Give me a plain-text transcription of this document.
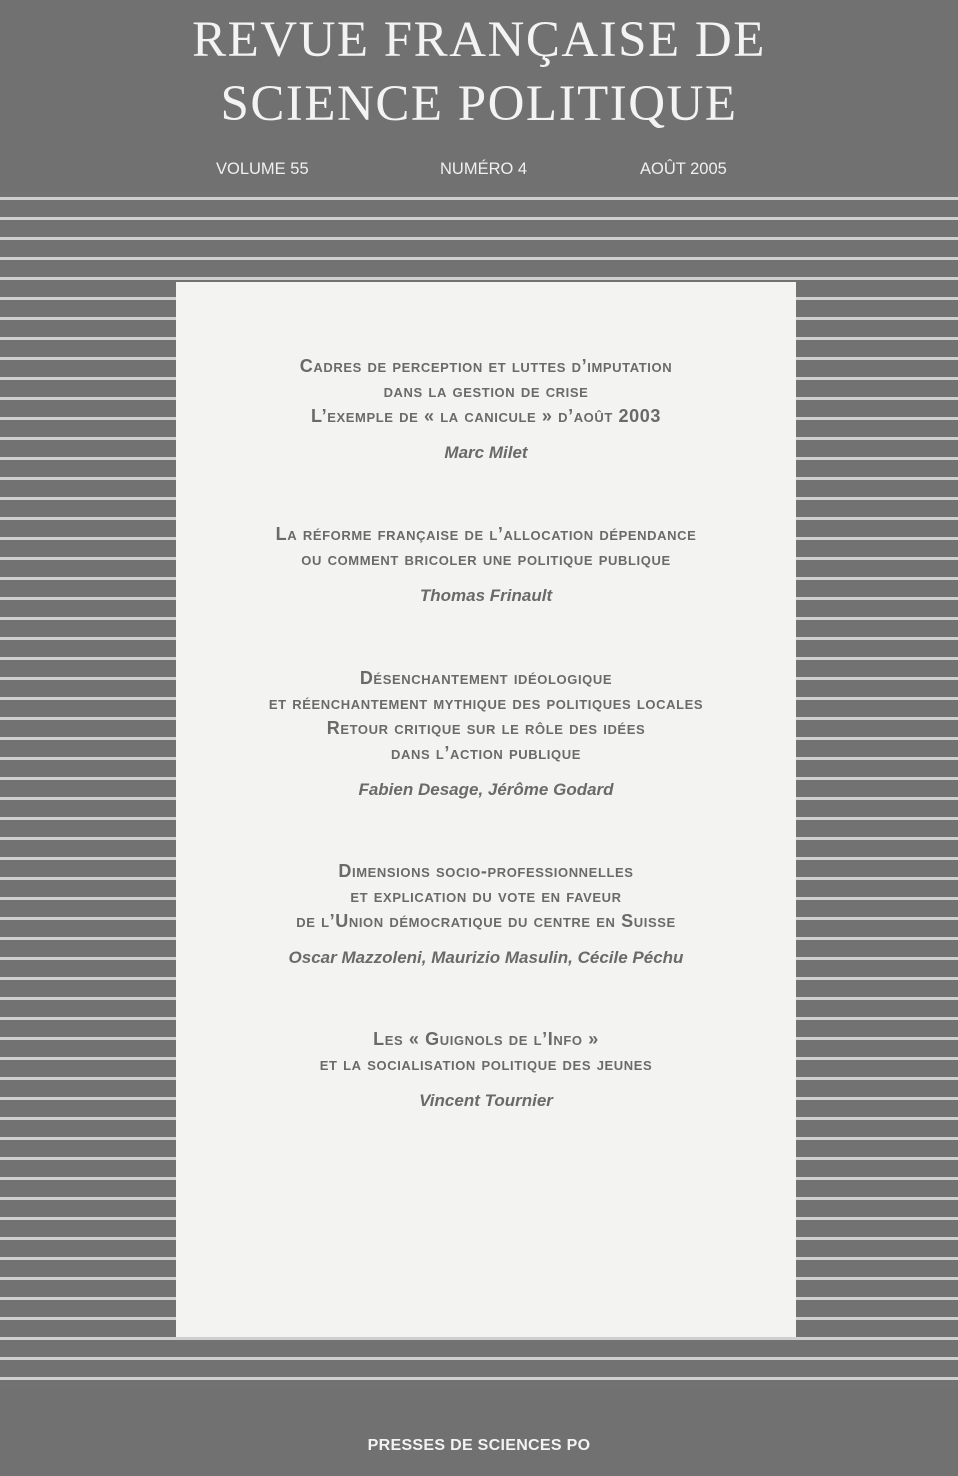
REVUE FRANÇAISE DE
SCIENCE POLITIQUE

VOLUME 55	NUMÉRO 4	AOÛT 2005

Cadres de perception et luttes d’imputation
dans la gestion de crise
L’exemple de « la canicule » d’août 2003

Marc Milet

La réforme française de l’allocation dépendance
ou comment bricoler une politique publique

Thomas Frinault

Désenchantement idéologique
et réenchantement mythique des politiques locales
Retour critique sur le rôle des idées
dans l’action publique

Fabien Desage, Jérôme Godard

Dimensions socio-professionnelles
et explication du vote en faveur
de l’Union démocratique du centre en Suisse

Oscar Mazzoleni, Maurizio Masulin, Cécile Péchu

Les « Guignols de l’Info »
et la socialisation politique des jeunes

Vincent Tournier

PRESSES DE SCIENCES PO
